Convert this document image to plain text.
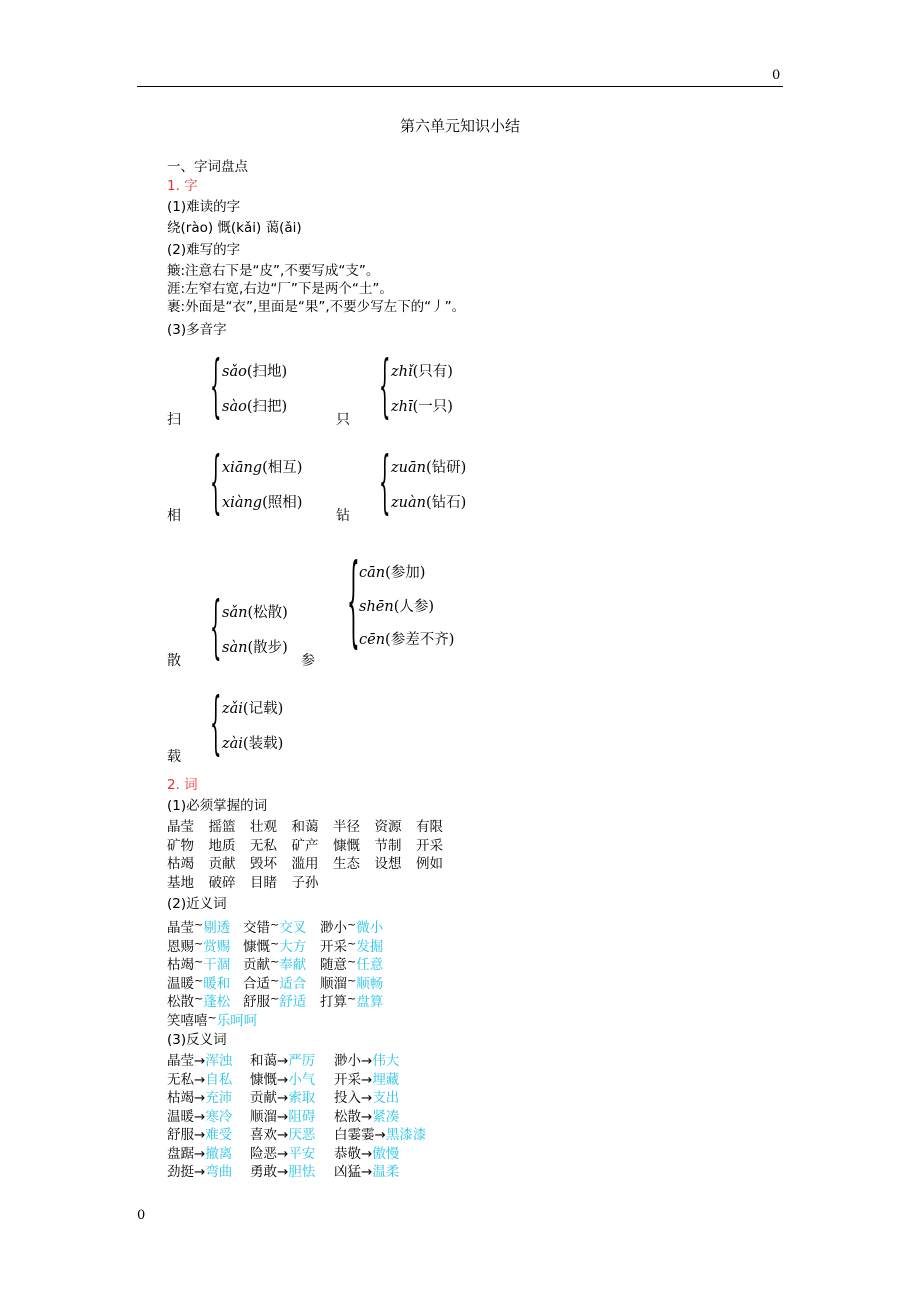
0
第六单元知识小结
一、字词盘点
1. 字
(1)难读的字
绕(rào) 慨(kǎi) 蔼(ǎi)
(2)难写的字
簸:注意右下是“皮”,不要写成“支”。
涯:左窄右宽,右边“厂”下是两个“土”。
裹:外面是“衣”,里面是“果”,不要少写左下的“丿”。
(3)多音字
扫 { sǎo(扫地)
sào(扫把)
只 { zhǐ(只有)
zhī(一只)
相 { xiāng(相互)
xiàng(照相)
钻 { zuān(钻研)
zuàn(钻石)
散 { sǎn(松散)
sàn(散步)
参
{ cān(参加)
shēn(人参)
cēn(参差不齐)
载 { zǎi(记载)
zài(装载)
2. 词
(1)必须掌握的词
晶莹 摇篮 壮观 和蔼 半径 资源 有限
矿物 地质 无私 矿产 慷慨 节制 开采
枯竭 贡献 毁坏 滥用 生态 设想 例如
基地 破碎 目睹 子孙
(2)近义词
晶莹~剔透 交错~交叉 渺小~微小
恩赐~赏赐 慷慨~大方 开采~发掘
枯竭~干涸 贡献~奉献 随意~任意
温暖~暖和 合适~适合 顺溜~顺畅
松散~蓬松 舒服~舒适 打算~盘算
笑嘻嘻~乐呵呵
(3)反义词
晶莹→浑浊 和蔼→严厉 渺小→伟大
无私→自私 慷慨→小气 开采→埋藏
枯竭→充沛 贡献→索取 投入→支出
温暖→寒冷 顺溜→阻碍 松散→紧凑
舒服→难受 喜欢→厌恶 白霎霎→黑漆漆
盘踞→撤离 险恶→平安 恭敬→傲慢
劲挺→弯曲 勇敢→胆怯 凶猛→温柔
0
